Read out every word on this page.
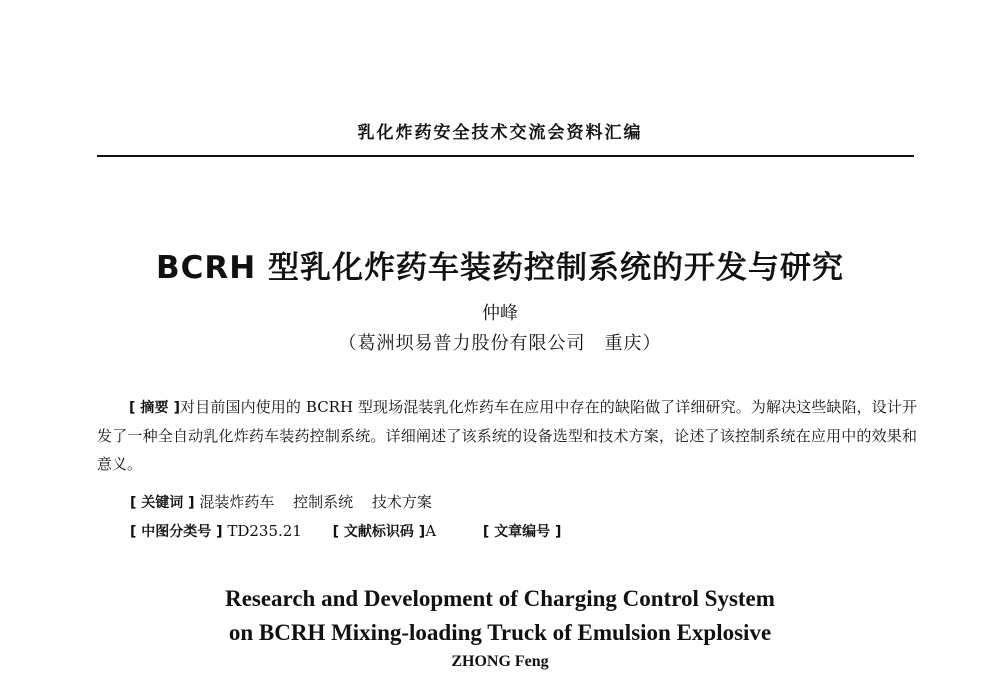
乳化炸药安全技术交流会资料汇编
BCRH 型乳化炸药车装药控制系统的开发与研究
仲峰
（葛洲坝易普力股份有限公司　重庆）

[ 摘要 ]对目前国内使用的 BCRH 型现场混装乳化炸药车在应用中存在的缺陷做了详细研究。为解决这些缺陷，设计开发了一种全自动乳化炸药车装药控制系统。详细阐述了该系统的设备选型和技术方案，论述了该控制系统在应用中的效果和意义。

[ 关键词 ] 混装炸药车 控制系统 技术方案
[ 中图分类号 ] TD235.21 [ 文献标识码 ]A	[ 文章编号 ]
Research and Development of Charging Control System
on BCRH Mixing-loading Truck of Emulsion Explosive
ZHONG Feng
